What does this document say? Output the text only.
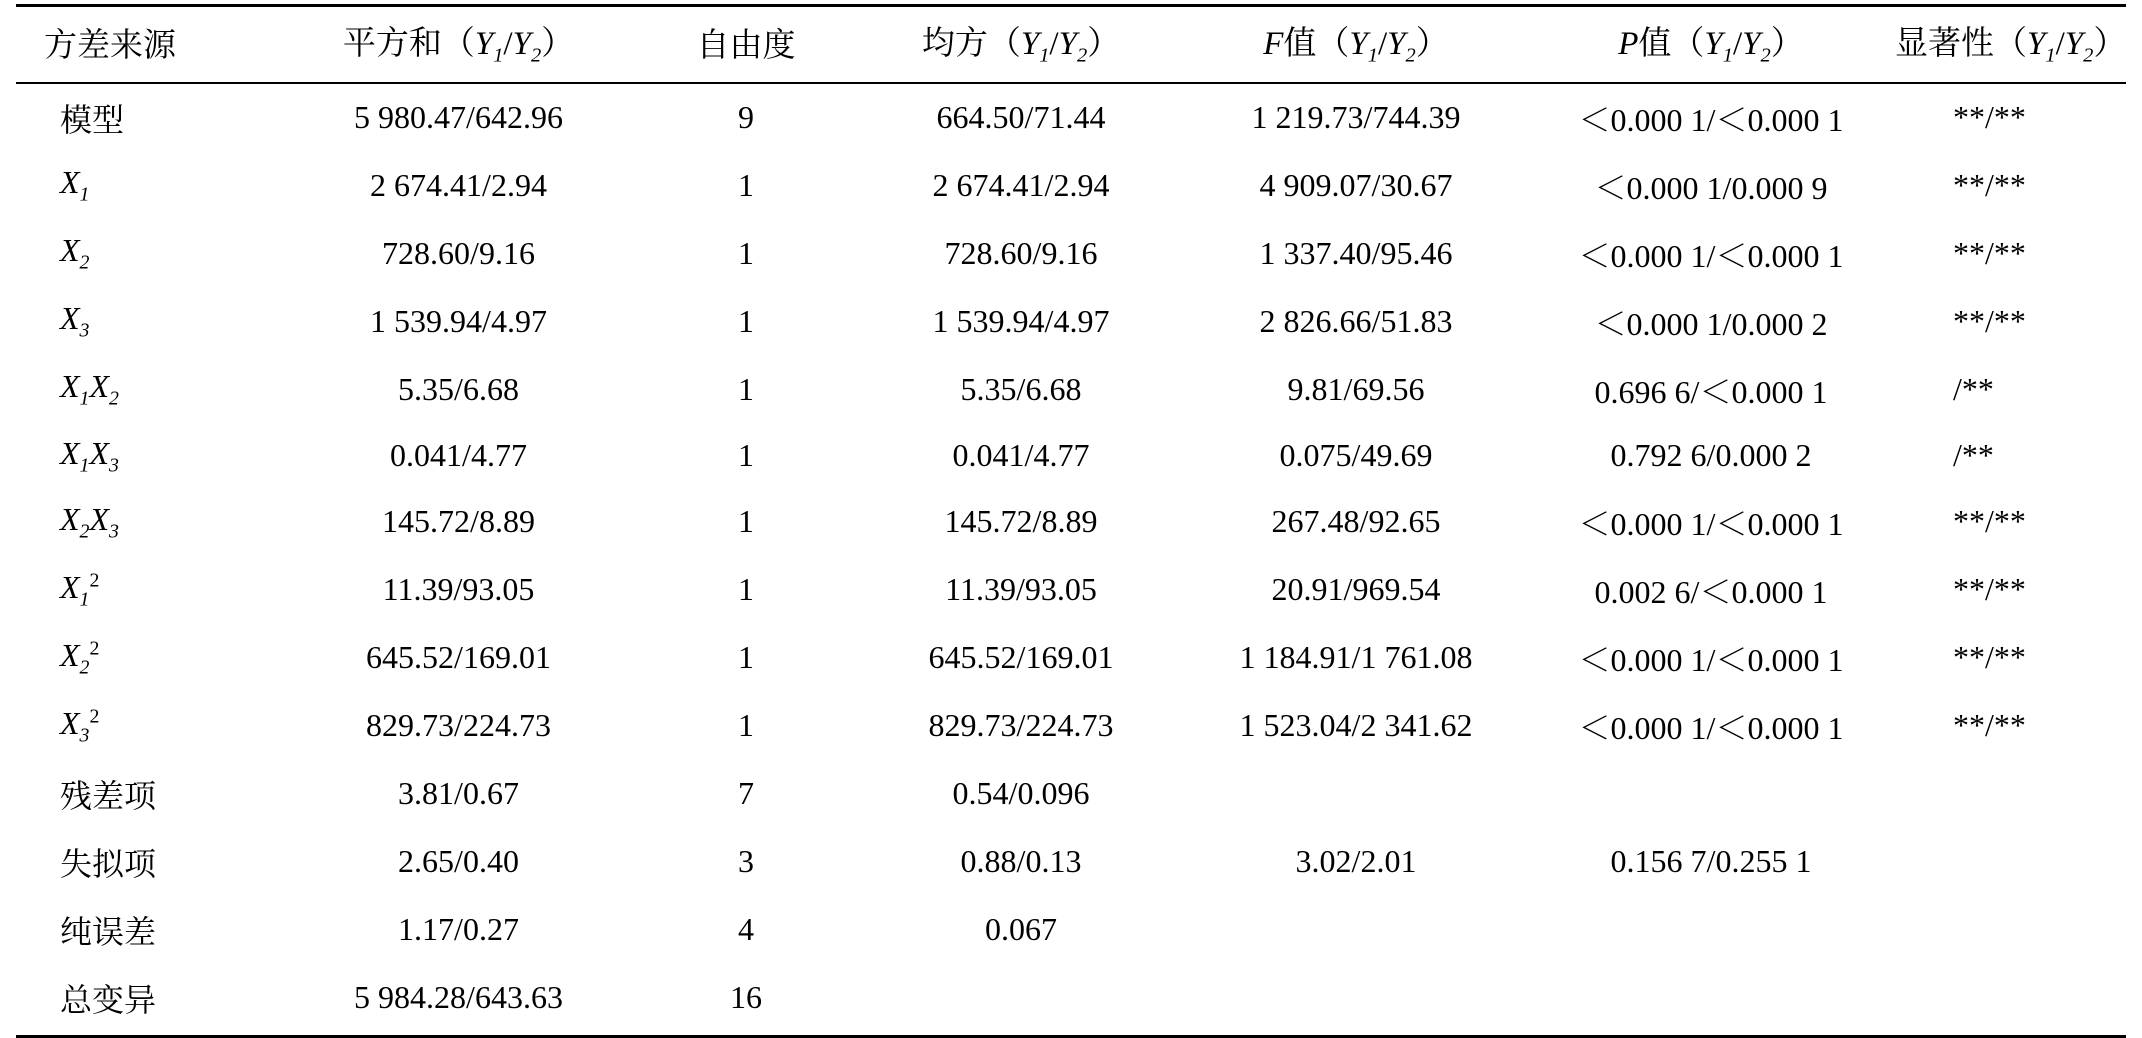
方差来源	平方和$(Y_1/Y_2)$	自由度	均方$(Y_1/Y_2)$	F值$(Y_1/Y_2)$	P值$(Y_1/Y_2)$	显著性$(Y_1/Y_2)$
模型	5 980.47/642.96	9	664.50/71.44	1 219.73/744.39	＜0.000 1/＜0.000 1	**/**
$X_1$	2 674.41/2.94	1	2 674.41/2.94	4 909.07/30.67	＜0.000 1/0.000 9	**/**
$X_2$	728.60/9.16	1	728.60/9.16	1 337.40/95.46	＜0.000 1/＜0.000 1	**/**
$X_3$	1 539.94/4.97	1	1 539.94/4.97	2 826.66/51.83	＜0.000 1/0.000 2	**/**
$X_1X_2$	5.35/6.68	1	5.35/6.68	9.81/69.56	0.696 6/＜0.000 1	/**
$X_1X_3$	0.041/4.77	1	0.041/4.77	0.075/49.69	0.792 6/0.000 2	/**
$X_2X_3$	145.72/8.89	1	145.72/8.89	267.48/92.65	＜0.000 1/＜0.000 1	**/**
$X_1^2$	11.39/93.05	1	11.39/93.05	20.91/969.54	0.002 6/＜0.000 1	**/**
$X_2^2$	645.52/169.01	1	645.52/169.01	1 184.91/1 761.08	＜0.000 1/＜0.000 1	**/**
$X_3^2$	829.73/224.73	1	829.73/224.73	1 523.04/2 341.62	＜0.000 1/＜0.000 1	**/**
残差项	3.81/0.67	7	0.54/0.096			
失拟项	2.65/0.40	3	0.88/0.13	3.02/2.01	0.156 7/0.255 1	
纯误差	1.17/0.27	4	0.067			
总变异	5 984.28/643.63	16				
